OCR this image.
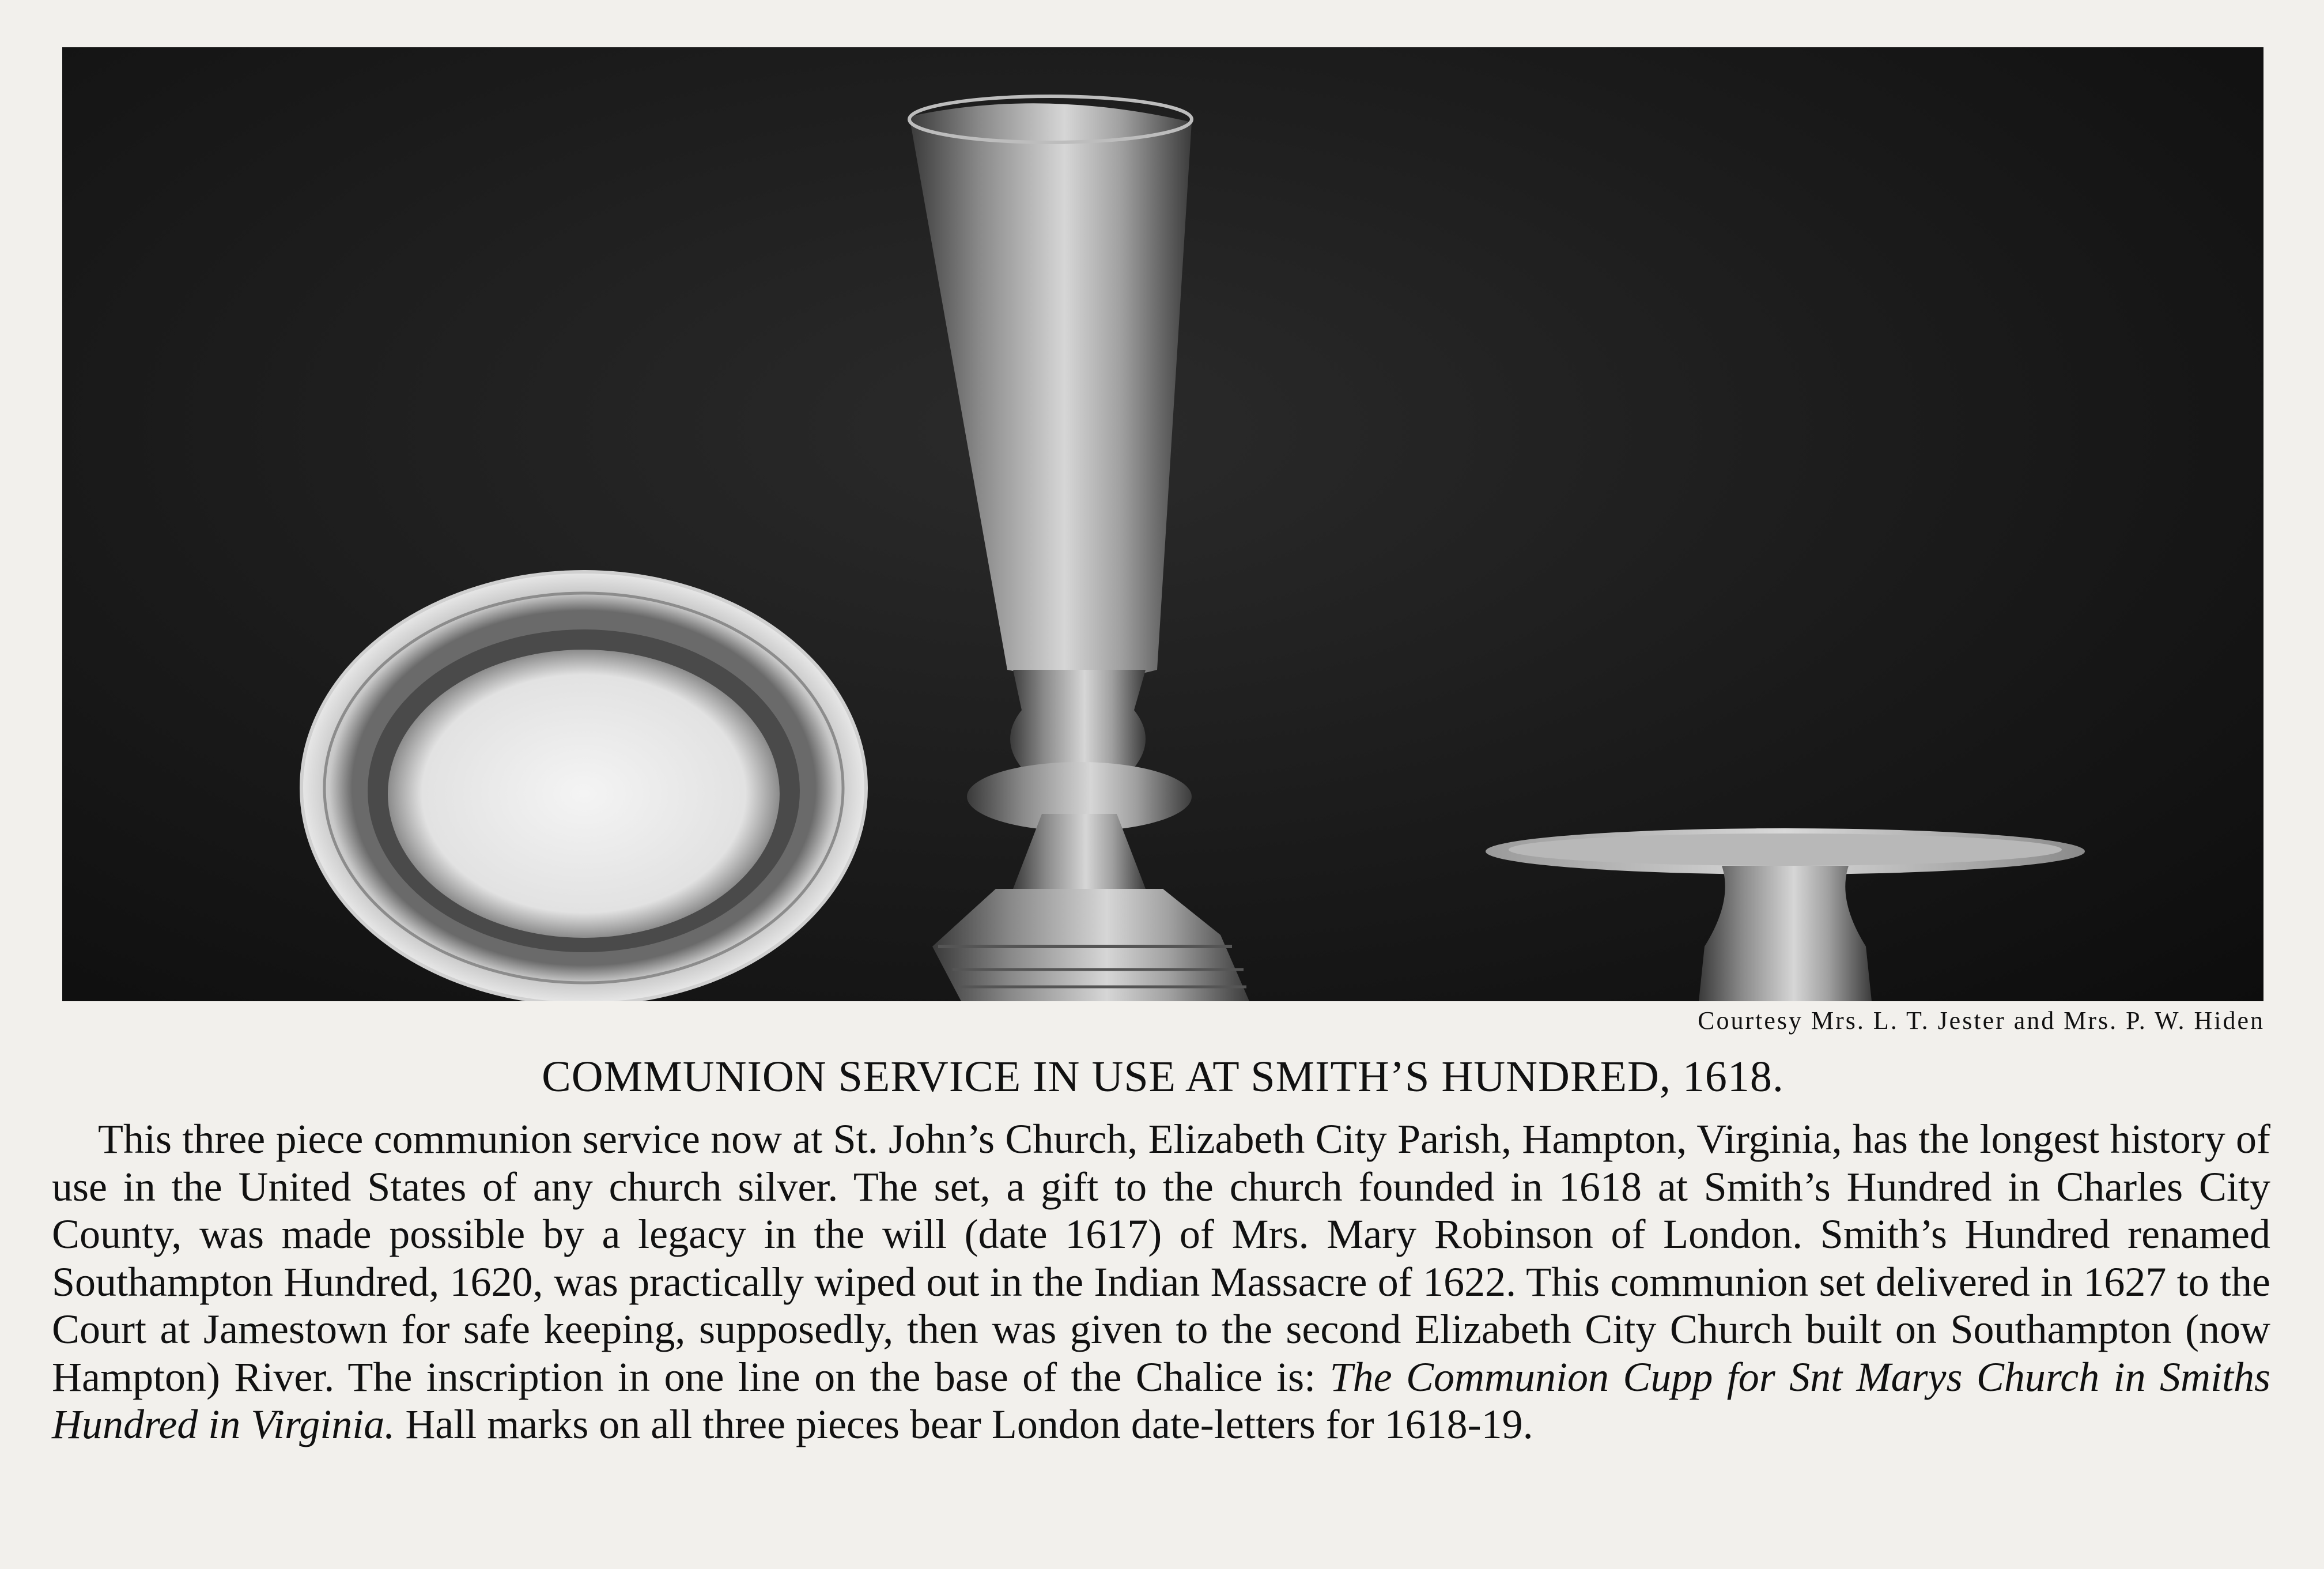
Courtesy Mrs. L. T. Jester and Mrs. P. W. Hiden
COMMUNION SERVICE IN USE AT SMITH’S HUNDRED, 1618.
This three piece communion service now at St. John’s Church, Elizabeth City Parish, Hampton, Virginia, has the longest history of use in the United States of any church silver. The set, a gift to the church founded in 1618 at Smith’s Hundred in Charles City County, was made possible by a legacy in the will (date 1617) of Mrs. Mary Robinson of London. Smith’s Hundred renamed Southampton Hundred, 1620, was practically wiped out in the Indian Massacre of 1622. This communion set delivered in 1627 to the Court at Jamestown for safe keeping, supposedly, then was given to the second Elizabeth City Church built on Southampton (now Hampton) River. The inscription in one line on the base of the Chalice is: The Communion Cupp for Snt Marys Church in Smiths Hundred in Virginia. Hall marks on all three pieces bear London date-letters for 1618-19.
